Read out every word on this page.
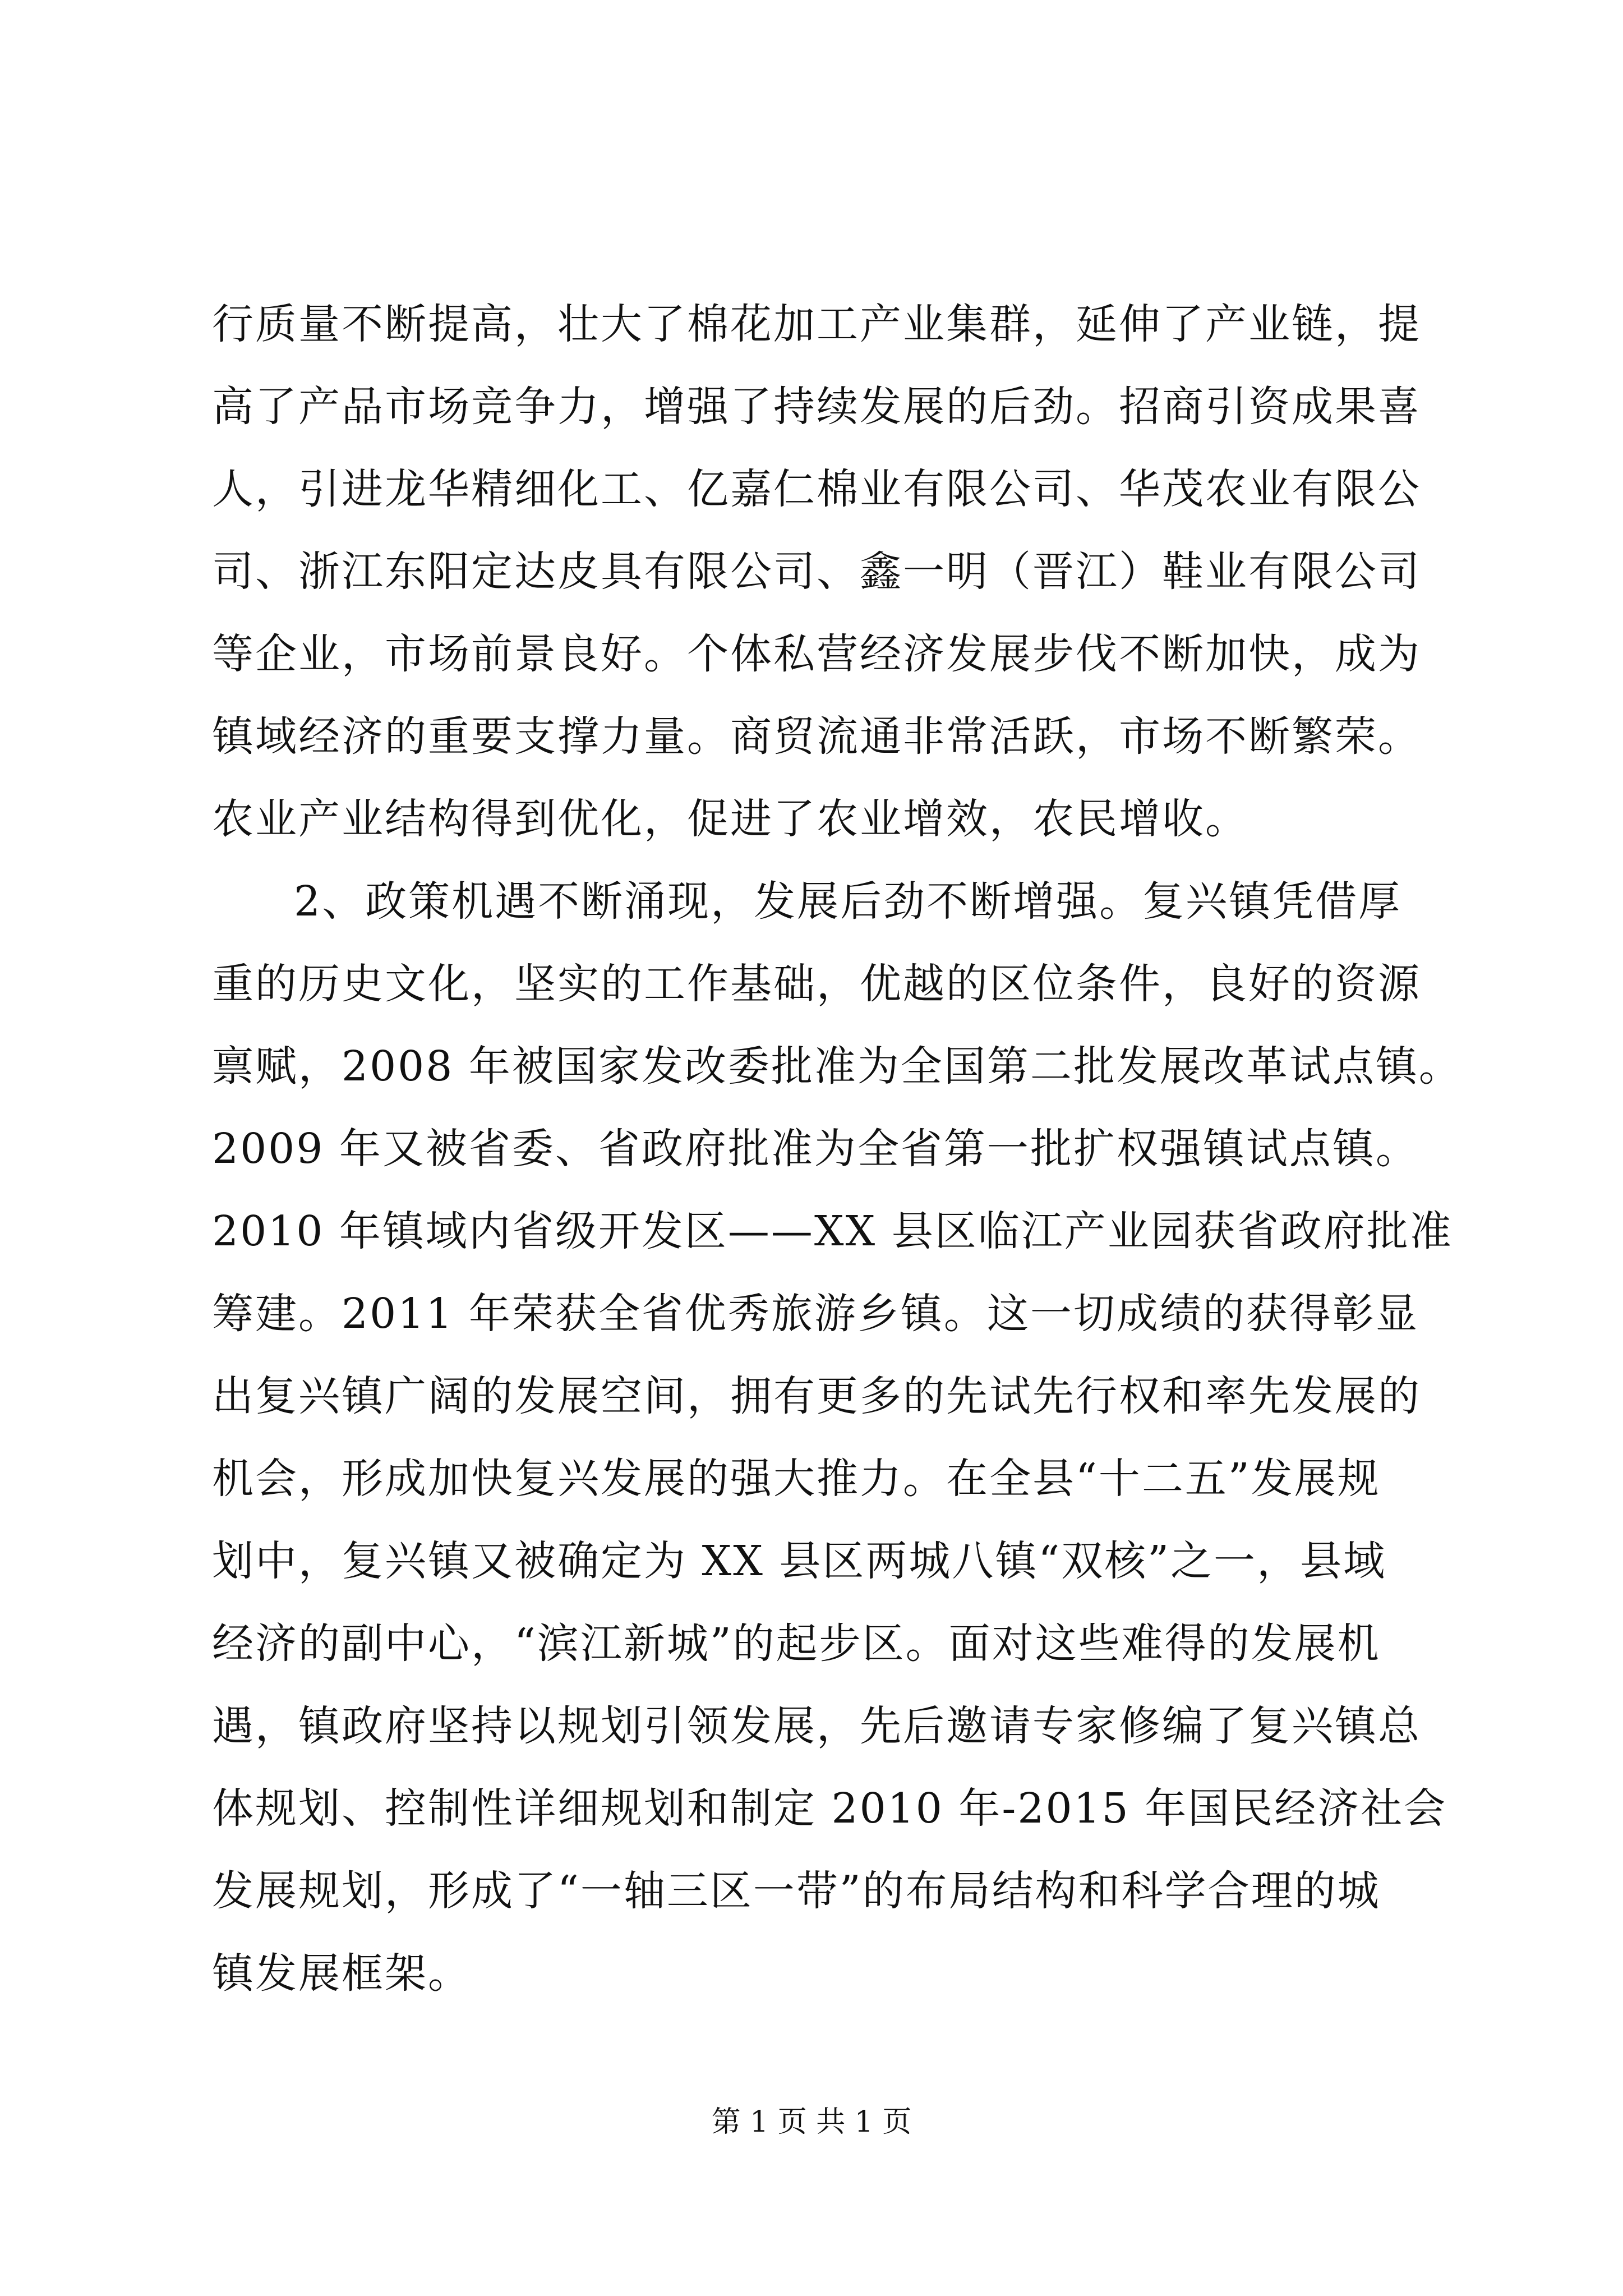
行质量不断提高，壮大了棉花加工产业集群，延伸了产业链，提
高了产品市场竞争力，增强了持续发展的后劲。招商引资成果喜
人，引进龙华精细化工、亿嘉仁棉业有限公司、华茂农业有限公
司、浙江东阳定达皮具有限公司、鑫一明（晋江）鞋业有限公司
等企业，市场前景良好。个体私营经济发展步伐不断加快，成为
镇域经济的重要支撑力量。商贸流通非常活跃，市场不断繁荣。
农业产业结构得到优化，促进了农业增效，农民增收。
2、政策机遇不断涌现，发展后劲不断增强。复兴镇凭借厚
重的历史文化，坚实的工作基础，优越的区位条件，良好的资源
禀赋，2008 年被国家发改委批准为全国第二批发展改革试点镇。
2009 年又被省委、省政府批准为全省第一批扩权强镇试点镇。
2010 年镇域内省级开发区——XX 县区临江产业园获省政府批准
筹建。2011 年荣获全省优秀旅游乡镇。这一切成绩的获得彰显
出复兴镇广阔的发展空间，拥有更多的先试先行权和率先发展的
机会，形成加快复兴发展的强大推力。在全县“十二五”发展规
划中，复兴镇又被确定为 XX 县区两城八镇“双核”之一，县域
经济的副中心，“滨江新城”的起步区。面对这些难得的发展机
遇，镇政府坚持以规划引领发展，先后邀请专家修编了复兴镇总
体规划、控制性详细规划和制定 2010 年-2015 年国民经济社会
发展规划，形成了“一轴三区一带”的布局结构和科学合理的城
镇发展框架。
第 1 页 共 1 页
